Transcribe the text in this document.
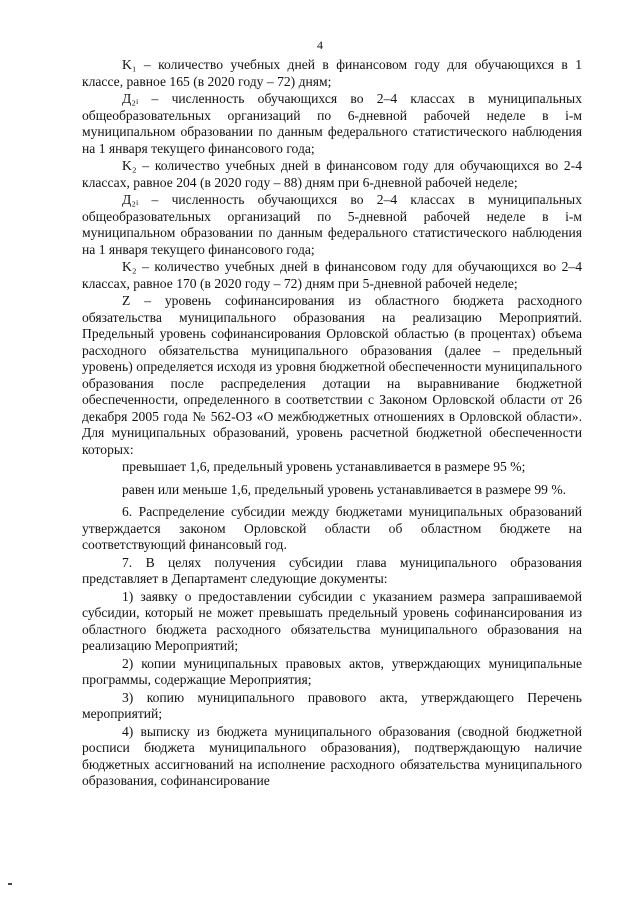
4

K₁ – количество учебных дней в финансовом году для обучающихся в 1 классе, равное 165 (в 2020 году – 72) дням;

Д₂ᵢ – численность обучающихся во 2–4 классах в муниципальных общеобразовательных организаций по 6-дневной рабочей неделе в i-м муниципальном образовании по данным федерального статистического наблюдения на 1 января текущего финансового года;

K₂ – количество учебных дней в финансовом году для обучающихся во 2-4 классах, равное 204 (в 2020 году – 88) дням при 6-дневной рабочей неделе;

Д₂ᵢ – численность обучающихся во 2–4 классах в муниципальных общеобразовательных организаций по 5-дневной рабочей неделе в i-м муниципальном образовании по данным федерального статистического наблюдения на 1 января текущего финансового года;

K₂ – количество учебных дней в финансовом году для обучающихся во 2–4 классах, равное 170 (в 2020 году – 72) дням при 5-дневной рабочей неделе;

Z – уровень софинансирования из областного бюджета расходного обязательства муниципального образования на реализацию Мероприятий. Предельный уровень софинансирования Орловской областью (в процентах) объема расходного обязательства муниципального образования (далее – предельный уровень) определяется исходя из уровня бюджетной обеспеченности муниципального образования после распределения дотации на выравнивание бюджетной обеспеченности, определенного в соответствии с Законом Орловской области от 26 декабря 2005 года № 562-ОЗ «О межбюджетных отношениях в Орловской области». Для муниципальных образований, уровень расчетной бюджетной обеспеченности которых:

превышает 1,6, предельный уровень устанавливается в размере 95 %;

равен или меньше 1,6, предельный уровень устанавливается в размере 99 %.

6. Распределение субсидии между бюджетами муниципальных образований утверждается законом Орловской области об областном бюджете на соответствующий финансовый год.

7. В целях получения субсидии глава муниципального образования представляет в Департамент следующие документы:

1) заявку о предоставлении субсидии с указанием размера запрашиваемой субсидии, который не может превышать предельный уровень софинансирования из областного бюджета расходного обязательства муниципального образования на реализацию Мероприятий;

2) копии муниципальных правовых актов, утверждающих муниципальные программы, содержащие Мероприятия;

3) копию муниципального правового акта, утверждающего Перечень мероприятий;

4) выписку из бюджета муниципального образования (сводной бюджетной росписи бюджета муниципального образования), подтверждающую наличие бюджетных ассигнований на исполнение расходного обязательства муниципального образования, софинансирование
